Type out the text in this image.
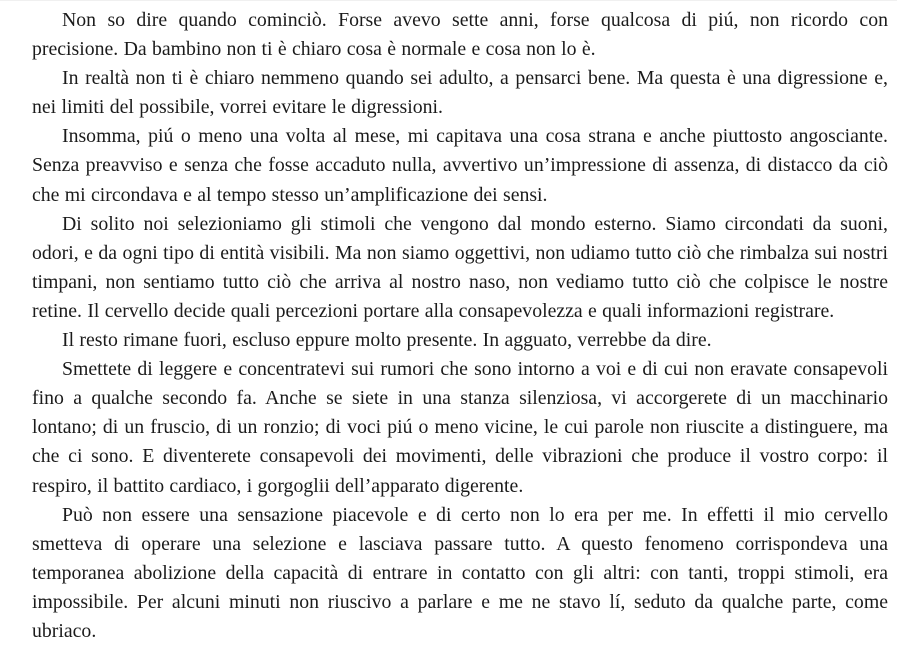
Non so dire quando cominciò. Forse avevo sette anni, forse qualcosa di piú, non ricordo con precisione. Da bambino non ti è chiaro cosa è normale e cosa non lo è.

In realtà non ti è chiaro nemmeno quando sei adulto, a pensarci bene. Ma questa è una digressione e, nei limiti del possibile, vorrei evitare le digressioni.

Insomma, piú o meno una volta al mese, mi capitava una cosa strana e anche piuttosto angosciante. Senza preavviso e senza che fosse accaduto nulla, avvertivo un’impressione di assenza, di distacco da ciò che mi circondava e al tempo stesso un’amplificazione dei sensi.

Di solito noi selezioniamo gli stimoli che vengono dal mondo esterno. Siamo circondati da suoni, odori, e da ogni tipo di entità visibili. Ma non siamo oggettivi, non udiamo tutto ciò che rimbalza sui nostri timpani, non sentiamo tutto ciò che arriva al nostro naso, non vediamo tutto ciò che colpisce le nostre retine. Il cervello decide quali percezioni portare alla consapevolezza e quali informazioni registrare.

Il resto rimane fuori, escluso eppure molto presente. In agguato, verrebbe da dire.

Smettete di leggere e concentratevi sui rumori che sono intorno a voi e di cui non eravate consapevoli fino a qualche secondo fa. Anche se siete in una stanza silenziosa, vi accorgerete di un macchinario lontano; di un fruscio, di un ronzio; di voci piú o meno vicine, le cui parole non riuscite a distinguere, ma che ci sono. E diventerete consapevoli dei movimenti, delle vibrazioni che produce il vostro corpo: il respiro, il battito cardiaco, i gorgoglii dell’apparato digerente.

Può non essere una sensazione piacevole e di certo non lo era per me. In effetti il mio cervello smetteva di operare una selezione e lasciava passare tutto. A questo fenomeno corrispondeva una temporanea abolizione della capacità di entrare in contatto con gli altri: con tanti, troppi stimoli, era impossibile. Per alcuni minuti non riuscivo a parlare e me ne stavo lí, seduto da qualche parte, come ubriaco.
